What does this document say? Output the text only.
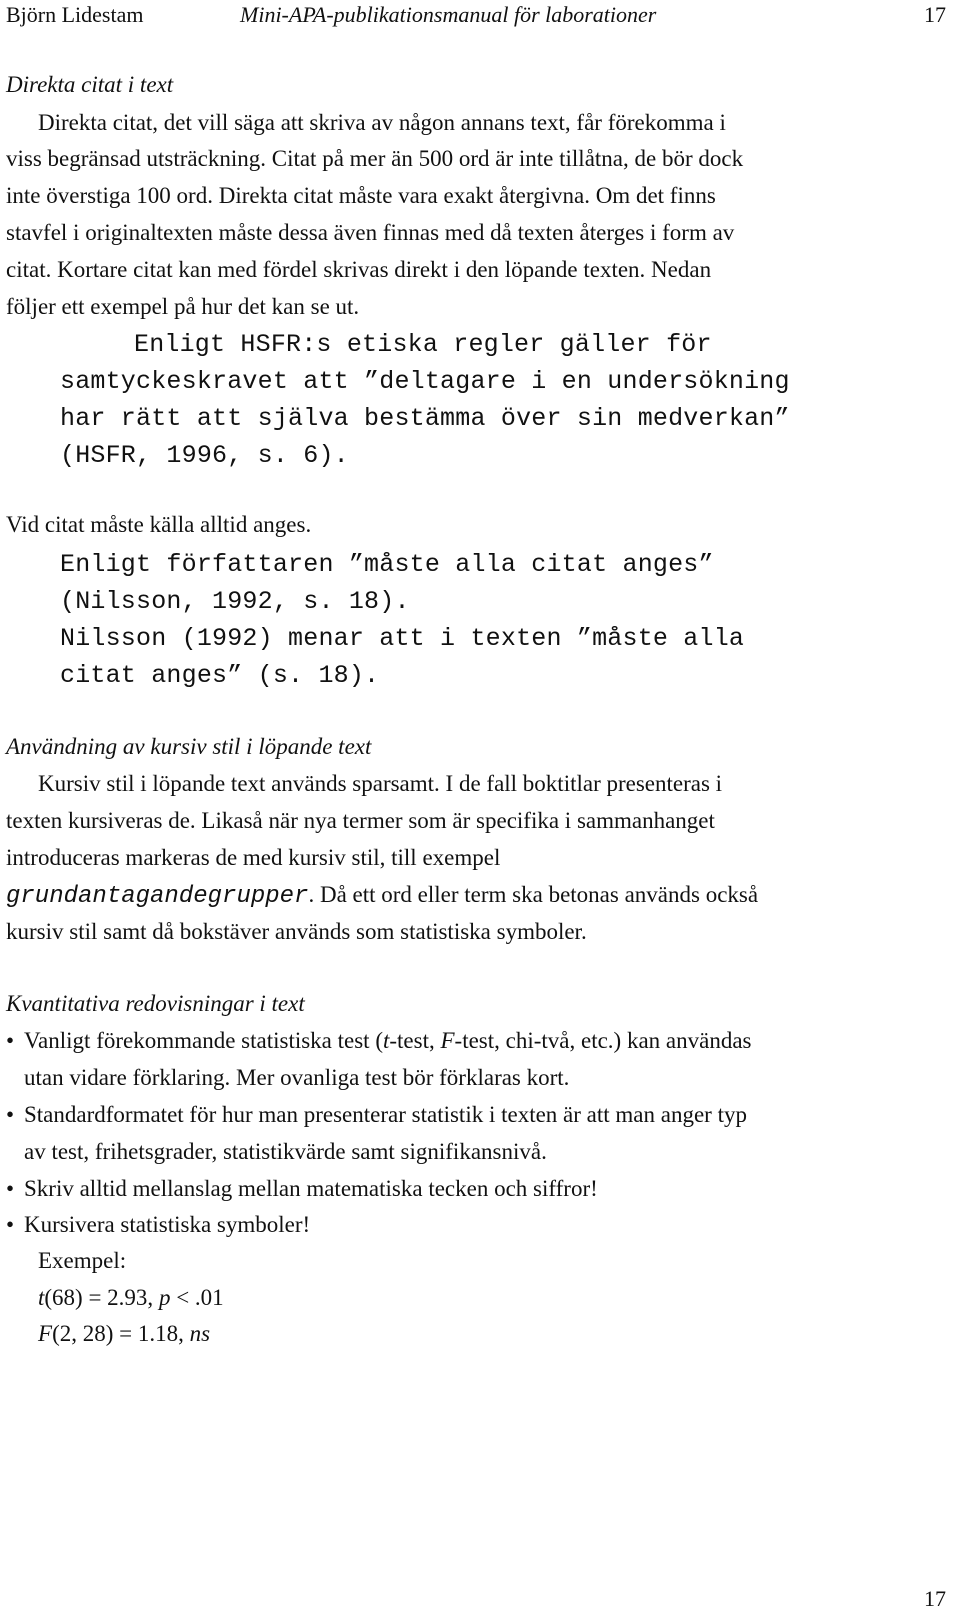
Björn Lidestam	Mini-APA-publikationsmanual för laborationer	17
Direkta citat i text
Direkta citat, det vill säga att skriva av någon annans text, får förekomma i
viss begränsad utsträckning. Citat på mer än 500 ord är inte tillåtna, de bör dock
inte överstiga 100 ord. Direkta citat måste vara exakt återgivna. Om det finns
stavfel i originaltexten måste dessa även finnas med då texten återges i form av
citat. Kortare citat kan med fördel skrivas direkt i den löpande texten. Nedan
följer ett exempel på hur det kan se ut.
Enligt HSFR:s etiska regler gäller för
samtyckeskravet att ”deltagare i en undersökning
har rätt att själva bestämma över sin medverkan”
(HSFR, 1996, s. 6).
Vid citat måste källa alltid anges.
Enligt författaren ”måste alla citat anges”
(Nilsson, 1992, s. 18).
Nilsson (1992) menar att i texten ”måste alla
citat anges” (s. 18).
Användning av kursiv stil i löpande text
Kursiv stil i löpande text används sparsamt. I de fall boktitlar presenteras i
texten kursiveras de. Likaså när nya termer som är specifika i sammanhanget
introduceras markeras de med kursiv stil, till exempel
grundantagandegrupper. Då ett ord eller term ska betonas används också
kursiv stil samt då bokstäver används som statistiska symboler.
Kvantitativa redovisningar i text
• Vanligt förekommande statistiska test (t-test, F-test, chi-två, etc.) kan användas
utan vidare förklaring. Mer ovanliga test bör förklaras kort.
• Standardformatet för hur man presenterar statistik i texten är att man anger typ
av test, frihetsgrader, statistikvärde samt signifikansnivå.
• Skriv alltid mellanslag mellan matematiska tecken och siffror!
• Kursivera statistiska symboler!
Exempel:
t(68) = 2.93, p < .01
F(2, 28) = 1.18, ns
17
